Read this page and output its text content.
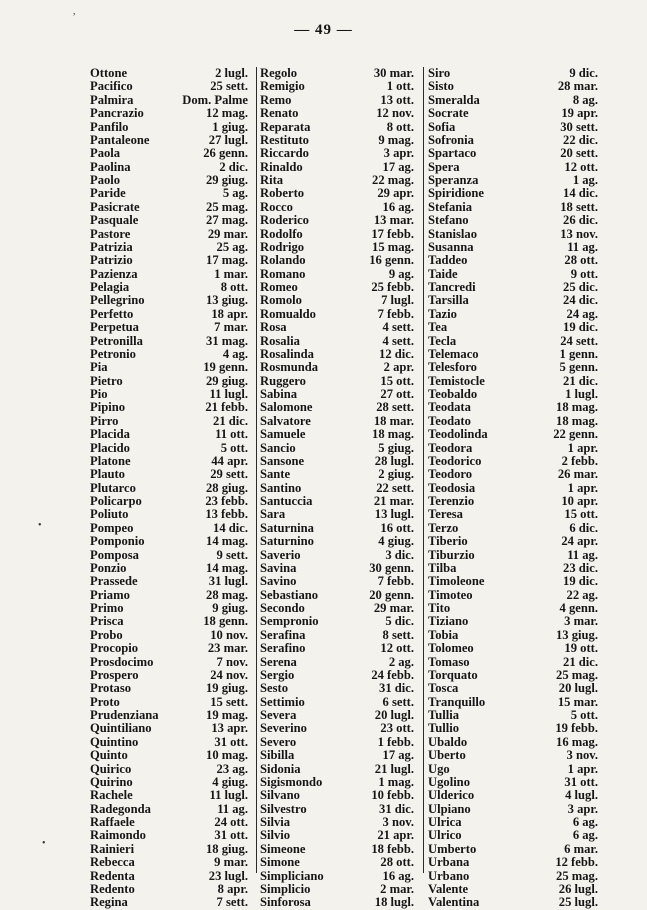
— 49 —
Ottone	2 lugl.
Pacifico	25 sett.
Palmira	Dom. Palme
Pancrazio	12 mag.
Panfilo	1 giug.
Pantaleone	27 lugl.
Paola	26 genn.
Paolina	2 dic.
Paolo	29 giug.
Paride	5 ag.
Pasicrate	25 mag.
Pasquale	27 mag.
Pastore	29 mar.
Patrizia	25 ag.
Patrizio	17 mag.
Pazienza	1 mar.
Pelagia	8 ott.
Pellegrino	13 giug.
Perfetto	18 apr.
Perpetua	7 mar.
Petronilla	31 mag.
Petronio	4 ag.
Pia	19 genn.
Pietro	29 giug.
Pio	11 lugl.
Pipino	21 febb.
Pirro	21 dic.
Placida	11 ott.
Placido	5 ott.
Platone	44 apr.
Plauto	29 sett.
Plutarco	28 giug.
Policarpo	23 febb.
Poliuto	13 febb.
Pompeo	14 dic.
Pomponio	14 mag.
Pomposa	9 sett.
Ponzio	14 mag.
Prassede	31 lugl.
Priamo	28 mag.
Primo	9 giug.
Prisca	18 genn.
Probo	10 nov.
Procopio	23 mar.
Prosdocimo	7 nov.
Prospero	24 nov.
Protaso	19 giug.
Proto	15 sett.
Prudenziana	19 mag.
Quintiliano	13 apr.
Quintino	31 ott.
Quinto	10 mag.
Quirico	23 ag.
Quirino	4 giug.
Rachele	11 lugl.
Radegonda	11 ag.
Raffaele	24 ott.
Raimondo	31 ott.
Rainieri	18 giug.
Rebecca	9 mar.
Redenta	23 lugl.
Redento	8 apr.
Regina	7 sett.
Regolo	30 mar.
Remigio	1 ott.
Remo	13 ott.
Renato	12 nov.
Reparata	8 ott.
Restituto	9 mag.
Riccardo	3 apr.
Rinaldo	17 ag.
Rita	22 mag.
Roberto	29 apr.
Rocco	16 ag.
Roderico	13 mar.
Rodolfo	17 febb.
Rodrigo	15 mag.
Rolando	16 genn.
Romano	9 ag.
Romeo	25 febb.
Romolo	7 lugl.
Romualdo	7 febb.
Rosa	4 sett.
Rosalia	4 sett.
Rosalinda	12 dic.
Rosmunda	2 apr.
Ruggero	15 ott.
Sabina	27 ott.
Salomone	28 sett.
Salvatore	18 mar.
Samuele	18 mag.
Sancio	5 giug.
Sansone	28 lugl.
Sante	2 giug.
Santino	22 sett.
Santuccia	21 mar.
Sara	13 lugl.
Saturnina	16 ott.
Saturnino	4 giug.
Saverio	3 dic.
Savina	30 genn.
Savino	7 febb.
Sebastiano	20 genn.
Secondo	29 mar.
Sempronio	5 dic.
Serafina	8 sett.
Serafino	12 ott.
Serena	2 ag.
Sergio	24 febb.
Sesto	31 dic.
Settimio	6 sett.
Severa	20 lugl.
Severino	23 ott.
Severo	1 febb.
Sibilla	17 ag.
Sidonia	21 lugl.
Sigismondo	1 mag.
Silvano	10 febb.
Silvestro	31 dic.
Silvia	3 nov.
Silvio	21 apr.
Simeone	18 febb.
Simone	28 ott.
Simpliciano	16 ag.
Simplicio	2 mar.
Sinforosa	18 lugl.
Siro	9 dic.
Sisto	28 mar.
Smeralda	8 ag.
Socrate	19 apr.
Sofia	30 sett.
Sofronia	22 dic.
Spartaco	20 sett.
Spera	12 ott.
Speranza	1 ag.
Spiridione	14 dic.
Stefania	18 sett.
Stefano	26 dic.
Stanislao	13 nov.
Susanna	11 ag.
Taddeo	28 ott.
Taide	9 ott.
Tancredi	25 dic.
Tarsilla	24 dic.
Tazio	24 ag.
Tea	19 dic.
Tecla	24 sett.
Telemaco	1 genn.
Telesforo	5 genn.
Temistocle	21 dic.
Teobaldo	1 lugl.
Teodata	18 mag.
Teodato	18 mag.
Teodolinda	22 genn.
Teodora	1 apr.
Teodorico	2 febb.
Teodoro	26 mar.
Teodosia	1 apr.
Terenzio	10 apr.
Teresa	15 ott.
Terzo	6 dic.
Tiberio	24 apr.
Tiburzio	11 ag.
Tilba	23 dic.
Timoleone	19 dic.
Timoteo	22 ag.
Tito	4 genn.
Tiziano	3 mar.
Tobia	13 giug.
Tolomeo	19 ott.
Tomaso	21 dic.
Torquato	25 mag.
Tosca	20 lugl.
Tranquillo	15 mar.
Tullia	5 ott.
Tullio	19 febb.
Ubaldo	16 mag.
Uberto	3 nov.
Ugo	1 apr.
Ugolino	31 ott.
Ulderico	4 lugl.
Ulpiano	3 apr.
Ulrica	6 ag.
Ulrico	6 ag.
Umberto	6 mar.
Urbana	12 febb.
Urbano	25 mag.
Valente	26 lugl.
Valentina	25 lugl.
,
•
•
